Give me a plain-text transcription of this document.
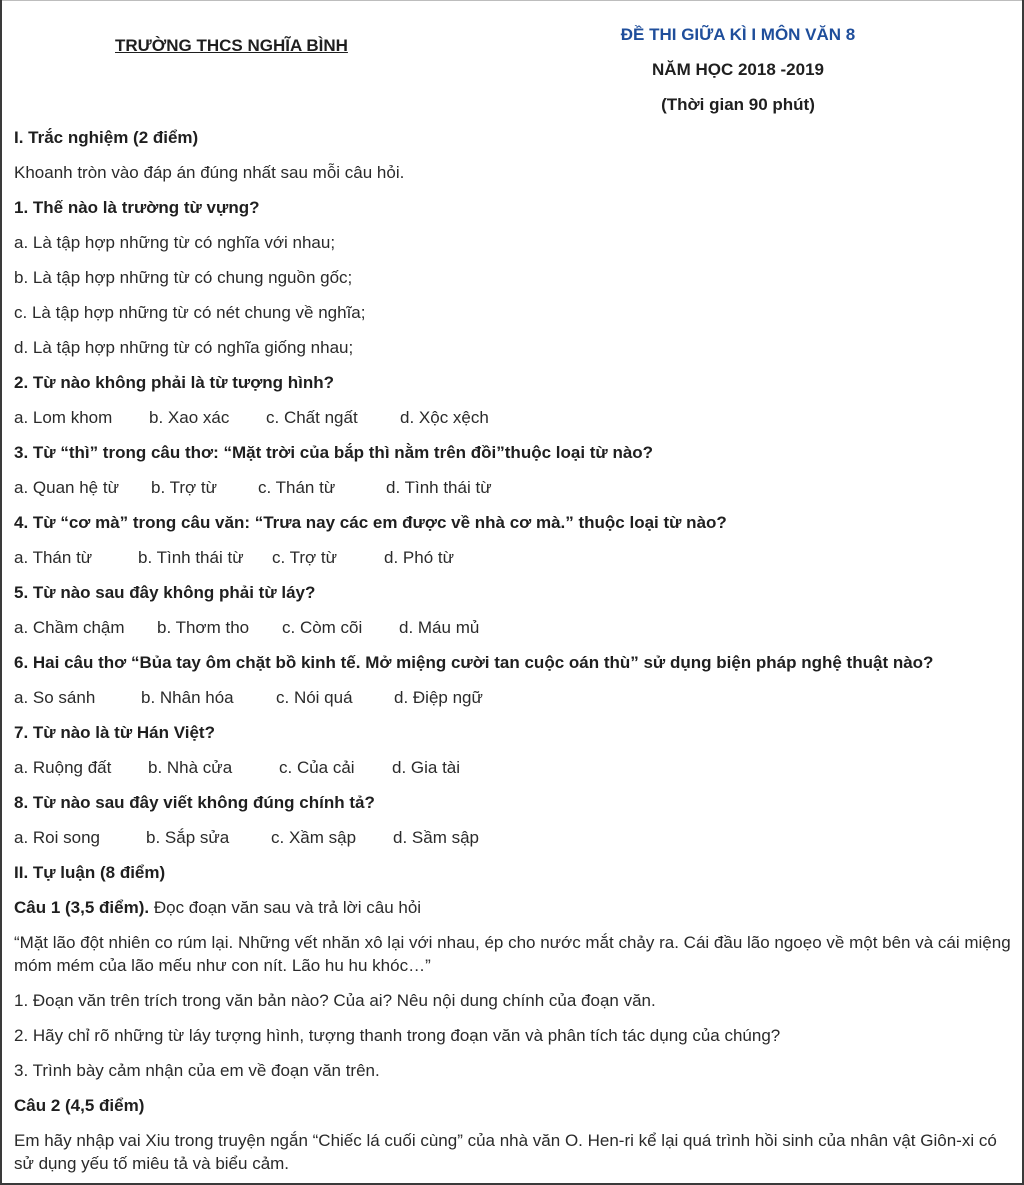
TRƯỜNG THCS NGHĨA BÌNH
ĐỀ THI GIỮA KÌ I MÔN VĂN 8
NĂM HỌC 2018 -2019
(Thời gian 90 phút)
I. Trắc nghiệm (2 điểm)
Khoanh tròn vào đáp án đúng nhất sau mỗi câu hỏi.
1. Thế nào là trường từ vựng?
a. Là tập hợp những từ có nghĩa với nhau;
b. Là tập hợp những từ có chung nguồn gốc;
c. Là tập hợp những từ có nét chung về nghĩa;
d. Là tập hợp những từ có nghĩa giống nhau;
2. Từ nào không phải là từ tượng hình?
a. Lom khom b. Xao xác c. Chất ngất d. Xộc xệch
3. Từ “thì” trong câu thơ: “Mặt trời của bắp thì nằm trên đồi”thuộc loại từ nào?
a. Quan hệ từ b. Trợ từ c. Thán từ	d. Tình thái từ
4. Từ “cơ mà” trong câu văn: “Trưa nay các em được về nhà cơ mà.” thuộc loại từ nào?
a. Thán từ	b. Tình thái từ c. Trợ từ	d. Phó từ
5. Từ nào sau đây không phải từ láy?
a. Chầm chậm b. Thơm tho c. Còm cõi d. Máu mủ
6. Hai câu thơ “Bủa tay ôm chặt bồ kinh tế. Mở miệng cười tan cuộc oán thù” sử dụng biện pháp nghệ thuật nào?
a. So sánh	b. Nhân hóa c. Nói quá d. Điệp ngữ
7. Từ nào là từ Hán Việt?
a. Ruộng đất b. Nhà cửa	c. Của cải d. Gia tài
8. Từ nào sau đây viết không đúng chính tả?
a. Roi song	b. Sắp sửa c. Xầm sập d. Sầm sập
II. Tự luận (8 điểm)
Câu 1 (3,5 điểm). Đọc đoạn văn sau và trả lời câu hỏi
“Mặt lão đột nhiên co rúm lại. Những vết nhăn xô lại với nhau, ép cho nước mắt chảy ra. Cái đầu lão ngoẹo về một bên và cái miệng móm mém của lão mếu như con nít. Lão hu hu khóc…”
1. Đoạn văn trên trích trong văn bản nào? Của ai? Nêu nội dung chính của đoạn văn.
2. Hãy chỉ rõ những từ láy tượng hình, tượng thanh trong đoạn văn và phân tích tác dụng của chúng?
3. Trình bày cảm nhận của em về đoạn văn trên.
Câu 2 (4,5 điểm)
Em hãy nhập vai Xiu trong truyện ngắn “Chiếc lá cuối cùng” của nhà văn O. Hen-ri kể lại quá trình hồi sinh của nhân vật Giôn-xi có sử dụng yếu tố miêu tả và biểu cảm.
